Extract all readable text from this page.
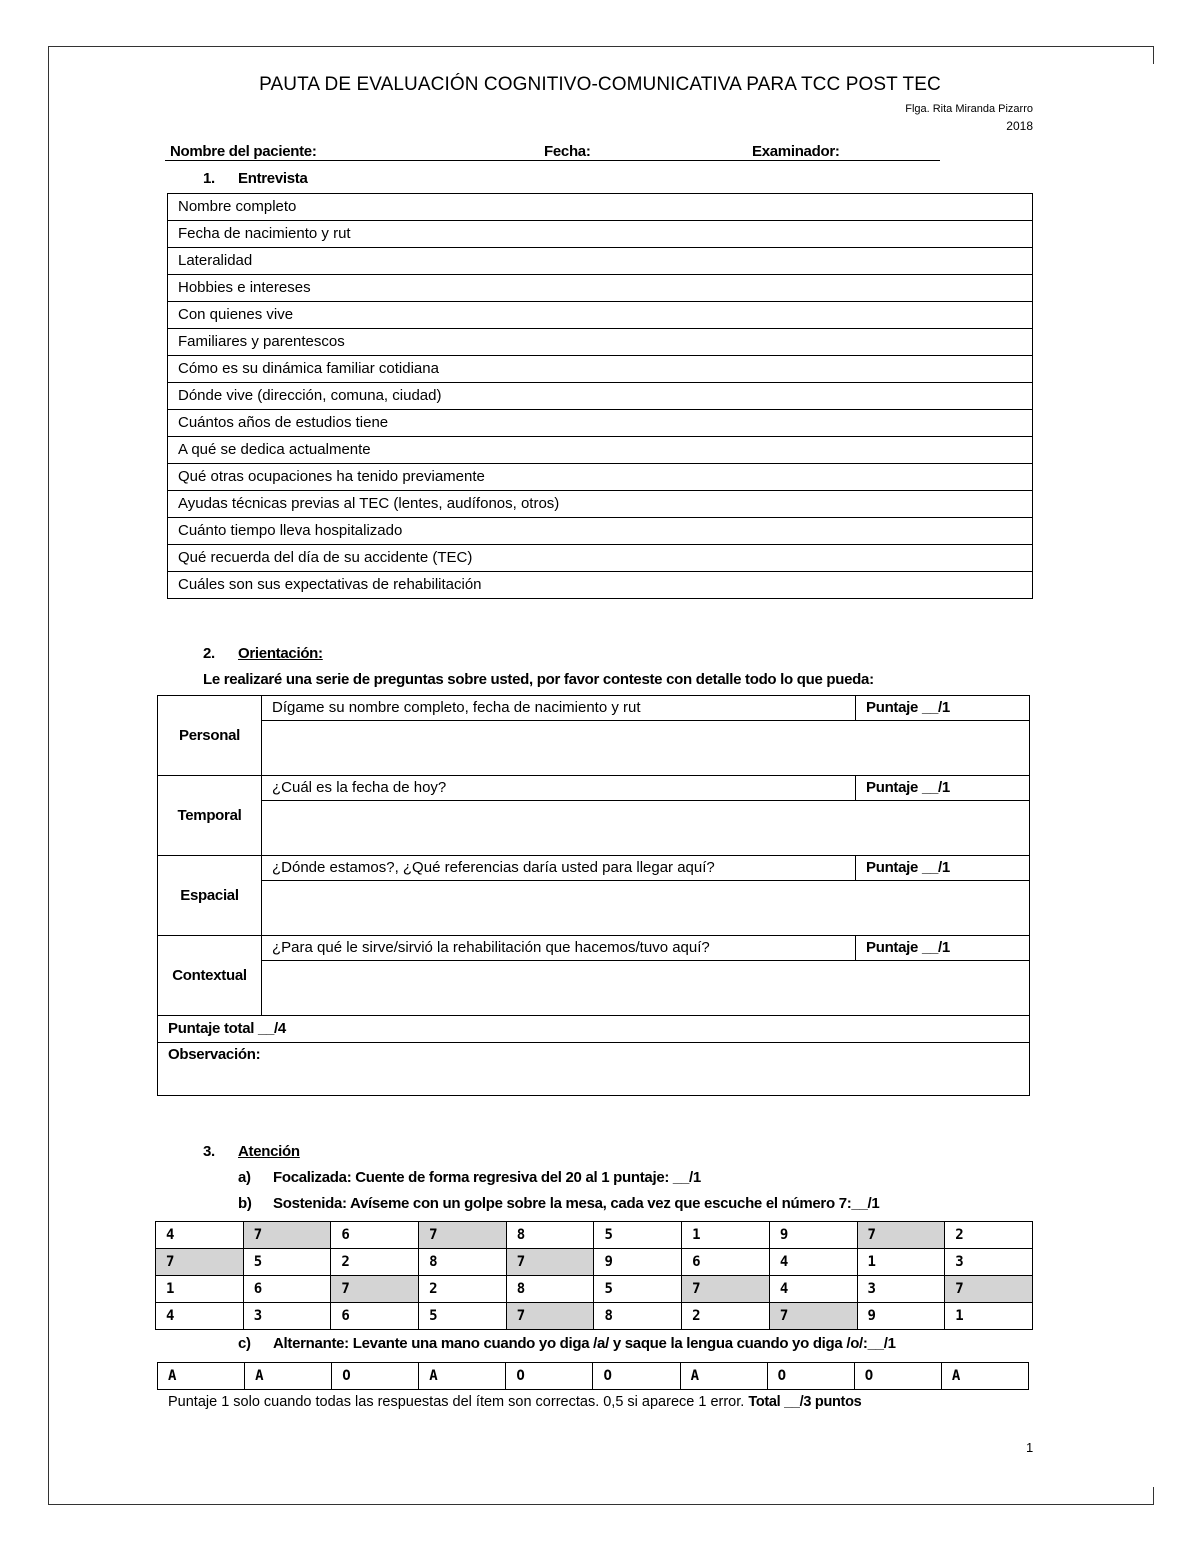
PAUTA DE EVALUACIÓN COGNITIVO-COMUNICATIVA PARA TCC POST TEC
Flga. Rita Miranda Pizarro
2018
Nombre del paciente:	Fecha:	Examinador:
1. Entrevista
Nombre completo
Fecha de nacimiento y rut
Lateralidad
Hobbies e intereses
Con quienes vive
Familiares y parentescos
Cómo es su dinámica familiar cotidiana
Dónde vive (dirección, comuna, ciudad)
Cuántos años de estudios tiene
A qué se dedica actualmente
Qué otras ocupaciones ha tenido previamente
Ayudas técnicas previas al TEC (lentes, audífonos, otros)
Cuánto tiempo lleva hospitalizado
Qué recuerda del día de su accidente (TEC)
Cuáles son sus expectativas de rehabilitación
2. Orientación:
Le realizaré una serie de preguntas sobre usted, por favor conteste con detalle todo lo que pueda:
Personal	Dígame su nombre completo, fecha de nacimiento y rut	Puntaje __/1

Temporal	¿Cuál es la fecha de hoy?	Puntaje __/1

Espacial	¿Dónde estamos?, ¿Qué referencias daría usted para llegar aquí?	Puntaje __/1

Contextual	¿Para qué le sirve/sirvió la rehabilitación que hacemos/tuvo aquí?	Puntaje __/1

Puntaje total __/4		
Observación:		
3. Atención
a) Focalizada: Cuente de forma regresiva del 20 al 1 puntaje: __/1
b) Sostenida: Avíseme con un golpe sobre la mesa, cada vez que escuche el número 7:__/1
4	7	6	7	8	5	1	9	7	2
7	5	2	8	7	9	6	4	1	3
1	6	7	2	8	5	7	4	3	7
4	3	6	5	7	8	2	7	9	1
c) Alternante: Levante una mano cuando yo diga /a/ y saque la lengua cuando yo diga /o/:__/1
A	A	O	A	O	O	A	O	O	A
Puntaje 1 solo cuando todas las respuestas del ítem son correctas. 0,5 si aparece 1 error. Total __/3 puntos
1
